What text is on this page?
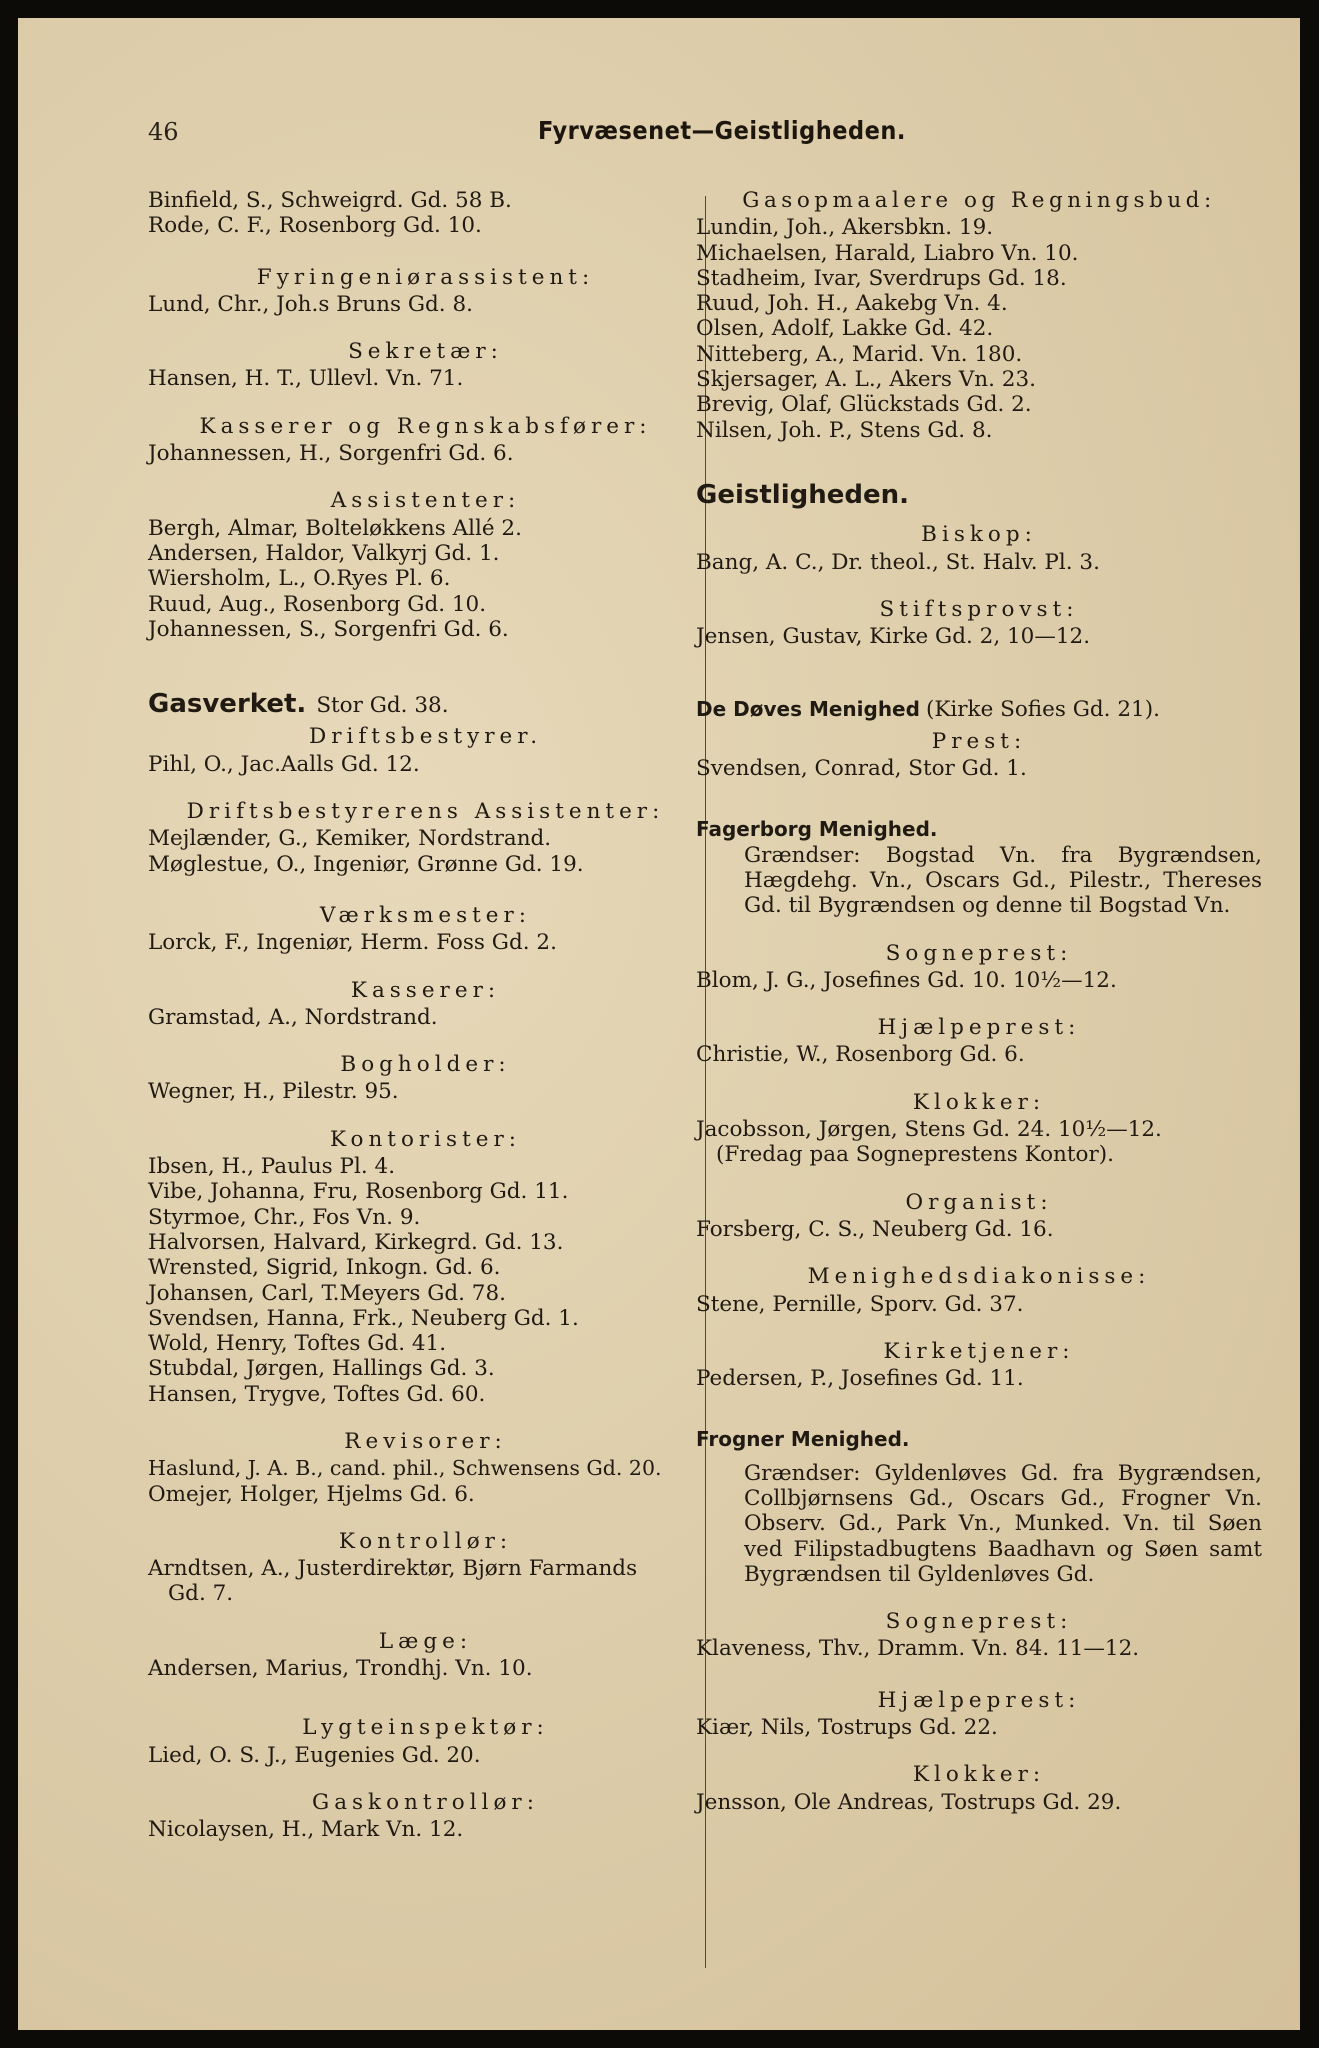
46	Fyrvæsenet—Geistligheden.
Binfield, S., Schweigrd. Gd. 58 B.
Rode, C. F., Rosenborg Gd. 10.
Fyringeniørassistent:
Lund, Chr., Joh.s Bruns Gd. 8.
Sekretær:
Hansen, H. T., Ullevl. Vn. 71.
Kasserer og Regnskabsfører:
Johannessen, H., Sorgenfri Gd. 6.
Assistenter:
Bergh, Almar, Bolteløkkens Allé 2.
Andersen, Haldor, Valkyrj Gd. 1.
Wiersholm, L., O.Ryes Pl. 6.
Ruud, Aug., Rosenborg Gd. 10.
Johannessen, S., Sorgenfri Gd. 6.
Gasverket. Stor Gd. 38.
Driftsbestyrer.
Pihl, O., Jac.Aalls Gd. 12.
Driftsbestyrerens Assistenter:
Mejlænder, G., Kemiker, Nordstrand.
Møglestue, O., Ingeniør, Grønne Gd. 19.
Værksmester:
Lorck, F., Ingeniør, Herm. Foss Gd. 2.
Kasserer:
Gramstad, A., Nordstrand.
Bogholder:
Wegner, H., Pilestr. 95.
Kontorister:
Ibsen, H., Paulus Pl. 4.
Vibe, Johanna, Fru, Rosenborg Gd. 11.
Styrmoe, Chr., Fos Vn. 9.
Halvorsen, Halvard, Kirkegrd. Gd. 13.
Wrensted, Sigrid, Inkogn. Gd. 6.
Johansen, Carl, T.Meyers Gd. 78.
Svendsen, Hanna, Frk., Neuberg Gd. 1.
Wold, Henry, Toftes Gd. 41.
Stubdal, Jørgen, Hallings Gd. 3.
Hansen, Trygve, Toftes Gd. 60.
Revisorer:
Haslund, J. A. B., cand. phil., Schwensens Gd. 20.
Omejer, Holger, Hjelms Gd. 6.
Kontrollør:
Arndtsen, A., Justerdirektør, Bjørn Farmands
Gd. 7.
Læge:
Andersen, Marius, Trondhj. Vn. 10.
Lygteinspektør:
Lied, O. S. J., Eugenies Gd. 20.
Gaskontrollør:
Nicolaysen, H., Mark Vn. 12.
Gasopmaalere og Regningsbud:
Lundin, Joh., Akersbkn. 19.
Michaelsen, Harald, Liabro Vn. 10.
Stadheim, Ivar, Sverdrups Gd. 18.
Ruud, Joh. H., Aakebg Vn. 4.
Olsen, Adolf, Lakke Gd. 42.
Nitteberg, A., Marid. Vn. 180.
Skjersager, A. L., Akers Vn. 23.
Brevig, Olaf, Glückstads Gd. 2.
Nilsen, Joh. P., Stens Gd. 8.
Geistligheden.
Biskop:
Bang, A. C., Dr. theol., St. Halv. Pl. 3.
Stiftsprovst:
Jensen, Gustav, Kirke Gd. 2, 10—12.
De Døves Menighed (Kirke Sofies Gd. 21).
Prest:
Svendsen, Conrad, Stor Gd. 1.
Fagerborg Menighed.
Grændser: Bogstad Vn. fra Bygrændsen, Hægdehg. Vn., Oscars Gd., Pilestr., Thereses Gd. til Bygrændsen og denne til Bogstad Vn.
Sogneprest:
Blom, J. G., Josefines Gd. 10. 10½—12.
Hjælpeprest:
Christie, W., Rosenborg Gd. 6.
Klokker:
Jacobsson, Jørgen, Stens Gd. 24. 10½—12.
(Fredag paa Sogneprestens Kontor).
Organist:
Forsberg, C. S., Neuberg Gd. 16.
Menighedsdiakonisse:
Stene, Pernille, Sporv. Gd. 37.
Kirketjener:
Pedersen, P., Josefines Gd. 11.
Frogner Menighed.
Grændser: Gyldenløves Gd. fra Bygrændsen, Collbjørnsens Gd., Oscars Gd., Frogner Vn. Observ. Gd., Park Vn., Munked. Vn. til Søen ved Filipstadbugtens Baadhavn og Søen samt Bygrændsen til Gyldenløves Gd.
Sogneprest:
Klaveness, Thv., Dramm. Vn. 84. 11—12.
Hjælpeprest:
Kiær, Nils, Tostrups Gd. 22.
Klokker:
Jensson, Ole Andreas, Tostrups Gd. 29.
